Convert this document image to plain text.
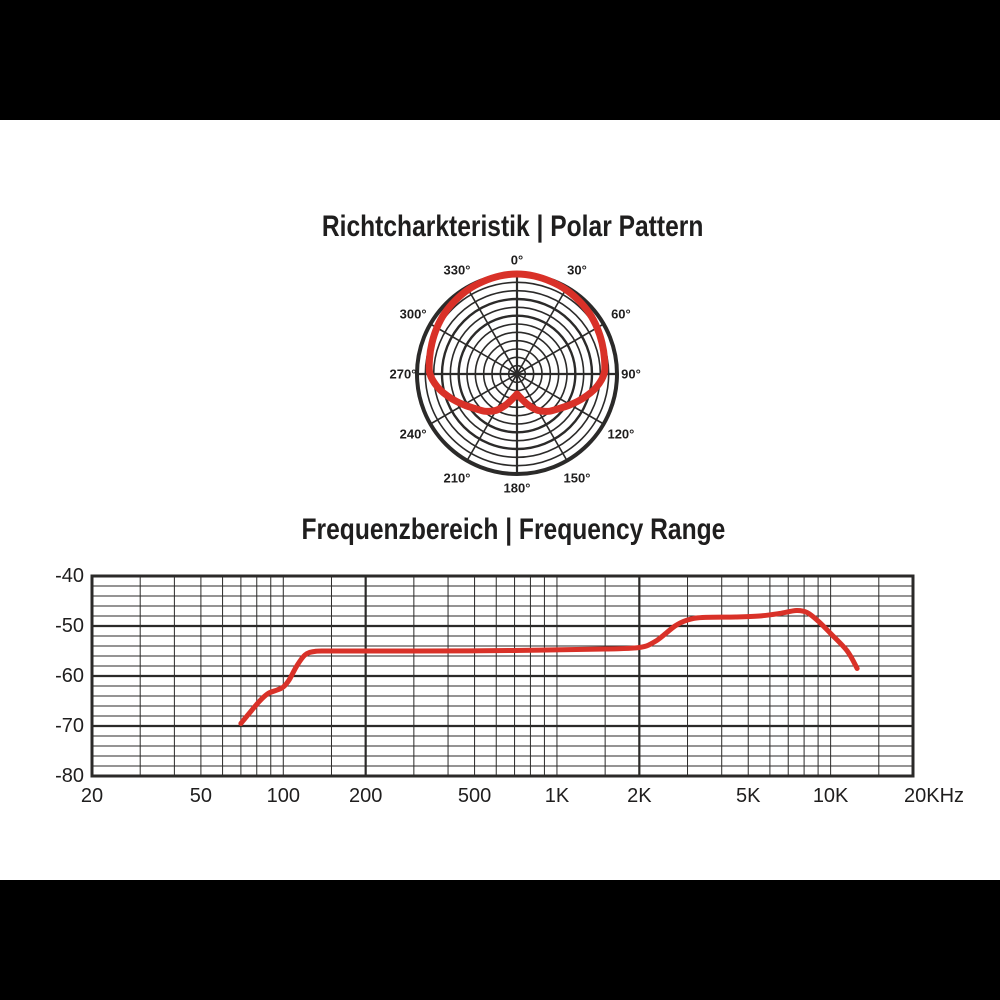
Richtcharkteristik | Polar Pattern
0°
30°
60°
90°
120°
150°
180°
210°
240°
270°
300°
330°
Frequenzbereich | Frequency Range
-40
-50
-60
-70
-80
20	50	100 200	500	1K	2K	5K	10K	20KHz
